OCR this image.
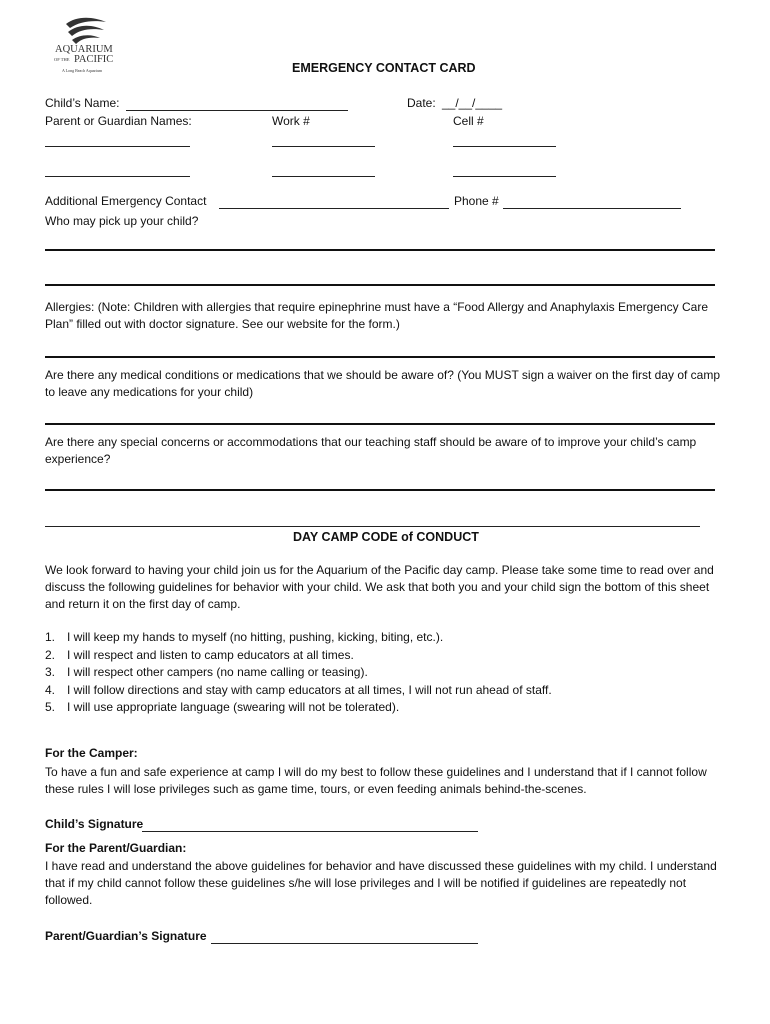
AQUARIUM
OF THE PACIFIC
A Long Beach Aquarium	EMERGENCY CONTACT CARD
Child’s Name:	Date: __/__/____
Parent or Guardian Names:	Work #	Cell #
Additional Emergency Contact	Phone #
Who may pick up your child?
Allergies: (Note: Children with allergies that require epinephrine must have a “Food Allergy and Anaphylaxis Emergency Care Plan” filled out with doctor signature. See our website for the form.)
Are there any medical conditions or medications that we should be aware of? (You MUST sign a waiver on the first day of camp to leave any medications for your child)
Are there any special concerns or accommodations that our teaching staff should be aware of to improve your child’s camp experience?
DAY CAMP CODE of CONDUCT
We look forward to having your child join us for the Aquarium of the Pacific day camp. Please take some time to read over and discuss the following guidelines for behavior with your child. We ask that both you and your child sign the bottom of this sheet and return it on the first day of camp.
1. I will keep my hands to myself (no hitting, pushing, kicking, biting, etc.).
2. I will respect and listen to camp educators at all times.
3. I will respect other campers (no name calling or teasing).
4. I will follow directions and stay with camp educators at all times, I will not run ahead of staff.
5. I will use appropriate language (swearing will not be tolerated).
For the Camper:
To have a fun and safe experience at camp I will do my best to follow these guidelines and I understand that if I cannot follow these rules I will lose privileges such as game time, tours, or even feeding animals behind-the-scenes.
Child’s Signature
For the Parent/Guardian:
I have read and understand the above guidelines for behavior and have discussed these guidelines with my child. I understand that if my child cannot follow these guidelines s/he will lose privileges and I will be notified if guidelines are repeatedly not followed.
Parent/Guardian’s Signature
